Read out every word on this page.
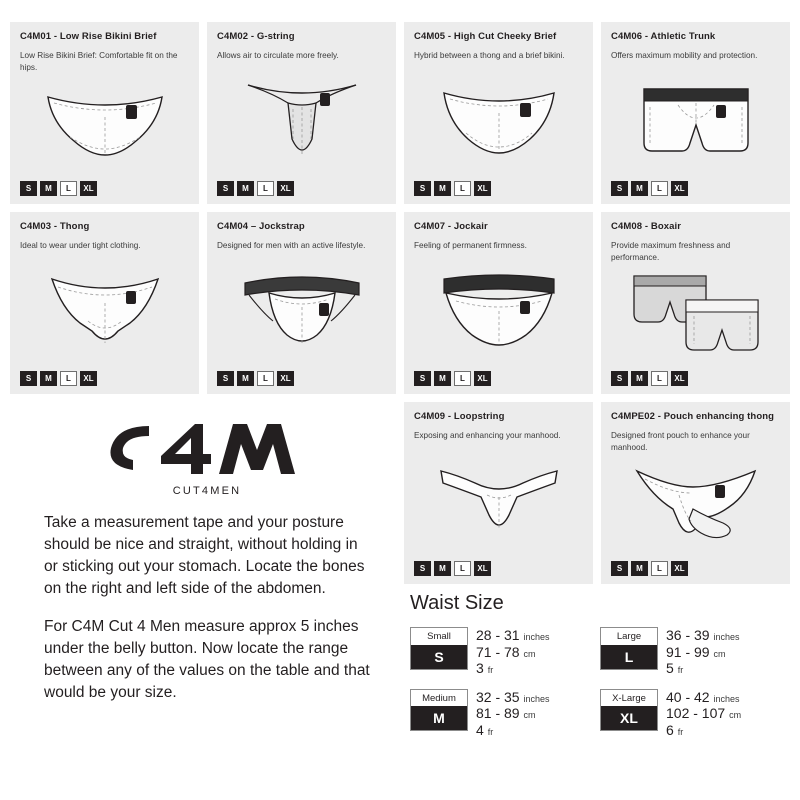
C4M01 - Low Rise Bikini Brief
Low Rise Bikini Brief: Comfortable fit on the hips.
S	M	L	XL
C4M02 - G-string
Allows air to circulate more freely.
S	M	L	XL
C4M05 - High Cut Cheeky Brief
Hybrid between a thong and a brief bikini.
S	M	L	XL
C4M06 - Athletic Trunk
Offers maximum mobility and protection.
S	M	L	XL
C4M03 - Thong
Ideal to wear under tight clothing.
S	M	L	XL
C4M04 – Jockstrap
Designed for men with an active lifestyle.
S	M	L	XL
C4M07 - Jockair
Feeling of permanent firmness.
S	M	L	XL
C4M08 - Boxair
Provide maximum freshness and performance.
S	M	L	XL
C4M09 - Loopstring
Exposing and enhancing your manhood.
S	M	L	XL
C4MPE02 - Pouch enhancing thong
Designed front pouch to enhance your manhood.
S	M	L	XL
CUT4MEN

Take a measurement tape and your posture should be nice and straight, without holding in or sticking out your stomach. Locate the bones on the right and left side of the abdomen.

For C4M Cut 4 Men measure approx 5 inches under the belly button. Now locate the range between any of the values on the table and that would be your size.

Waist Size
Small
S
28 - 31 inches
71 - 78 cm
3 fr
Large
L
36 - 39 inches
91 - 99 cm
5 fr
Medium
M
32 - 35 inches
81 - 89 cm
4 fr
X-Large
XL
40 - 42 inches
102 - 107 cm
6 fr
